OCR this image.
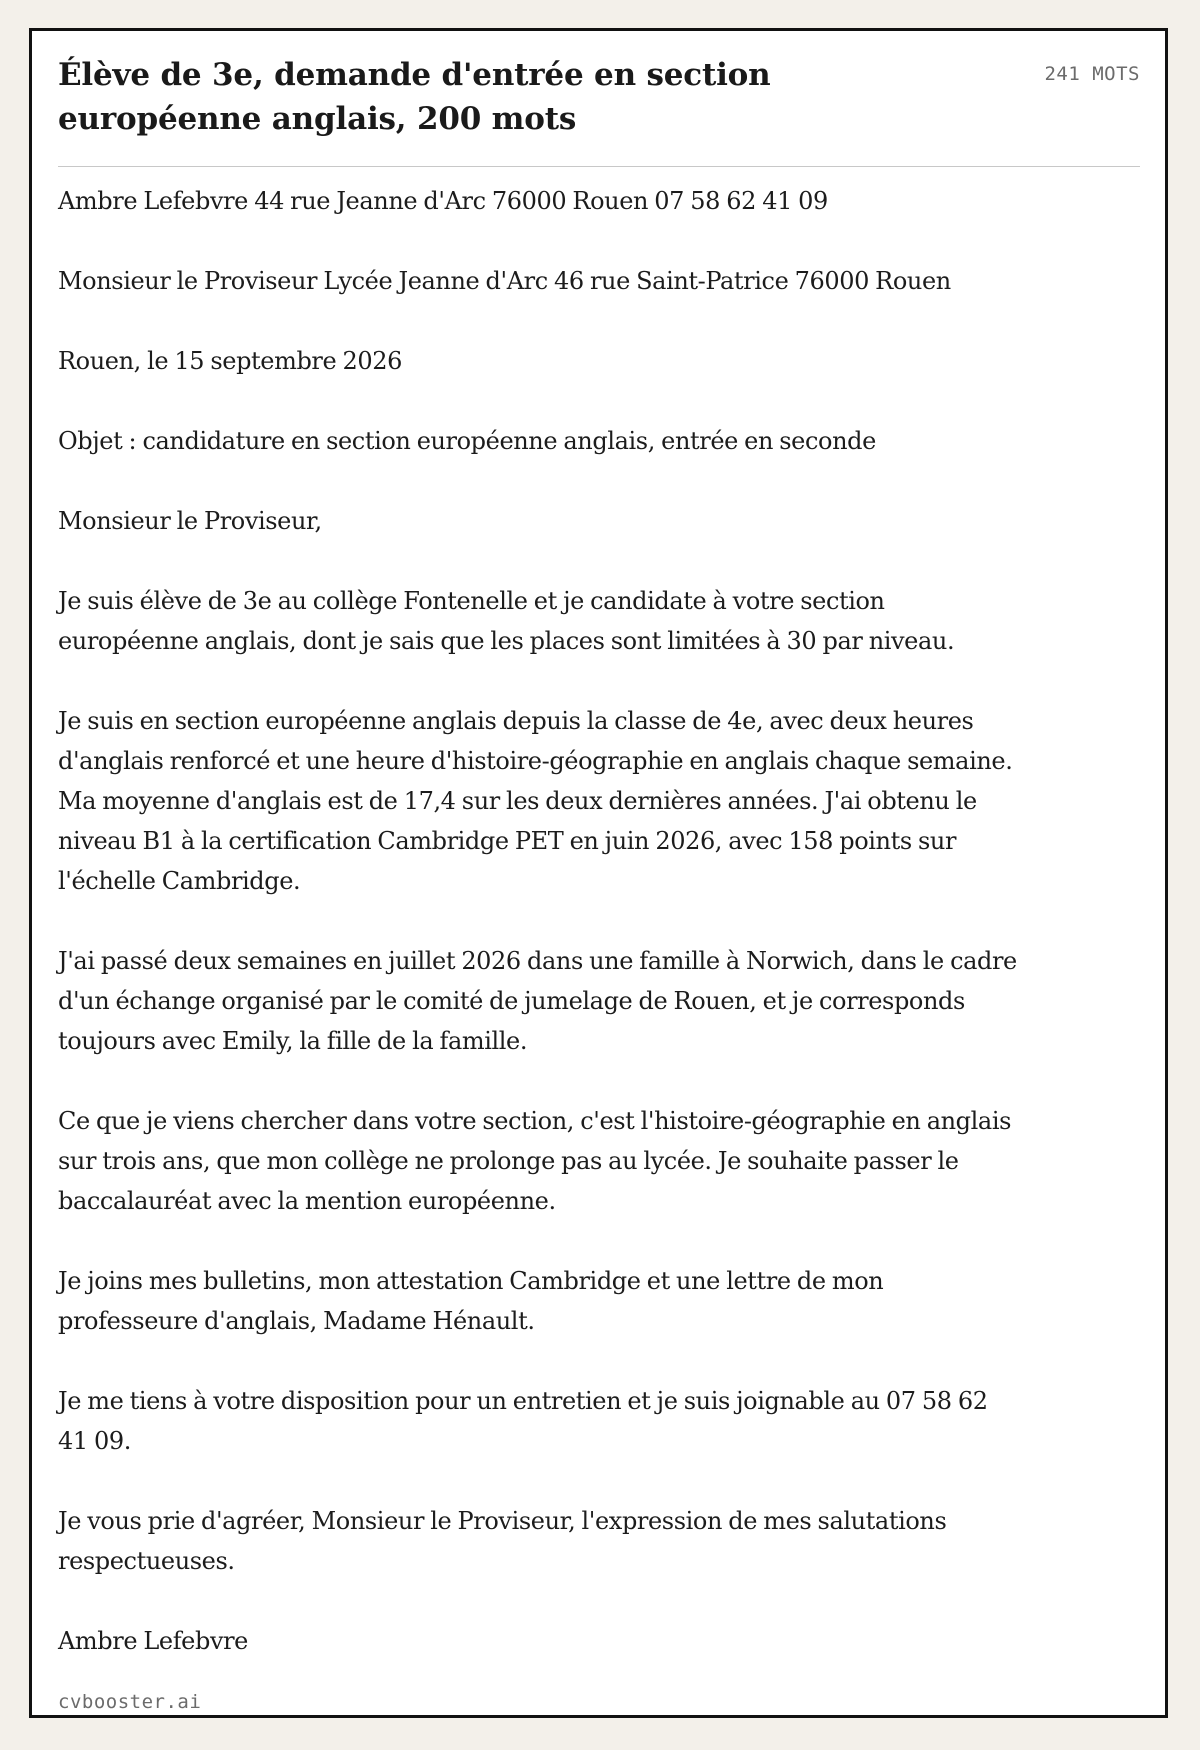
Élève de 3e, demande d'entrée en section européenne anglais, 200 mots
241 MOTS

Ambre Lefebvre 44 rue Jeanne d'Arc 76000 Rouen 07 58 62 41 09

Monsieur le Proviseur Lycée Jeanne d'Arc 46 rue Saint-Patrice 76000 Rouen

Rouen, le 15 septembre 2026

Objet : candidature en section européenne anglais, entrée en seconde

Monsieur le Proviseur,

Je suis élève de 3e au collège Fontenelle et je candidate à votre section européenne anglais, dont je sais que les places sont limitées à 30 par niveau.

Je suis en section européenne anglais depuis la classe de 4e, avec deux heures d'anglais renforcé et une heure d'histoire-géographie en anglais chaque semaine. Ma moyenne d'anglais est de 17,4 sur les deux dernières années. J'ai obtenu le niveau B1 à la certification Cambridge PET en juin 2026, avec 158 points sur l'échelle Cambridge.

J'ai passé deux semaines en juillet 2026 dans une famille à Norwich, dans le cadre d'un échange organisé par le comité de jumelage de Rouen, et je corresponds toujours avec Emily, la fille de la famille.

Ce que je viens chercher dans votre section, c'est l'histoire-géographie en anglais sur trois ans, que mon collège ne prolonge pas au lycée. Je souhaite passer le baccalauréat avec la mention européenne.

Je joins mes bulletins, mon attestation Cambridge et une lettre de mon professeure d'anglais, Madame Hénault.

Je me tiens à votre disposition pour un entretien et je suis joignable au 07 58 62 41 09.

Je vous prie d'agréer, Monsieur le Proviseur, l'expression de mes salutations respectueuses.

Ambre Lefebvre

cvbooster.ai
